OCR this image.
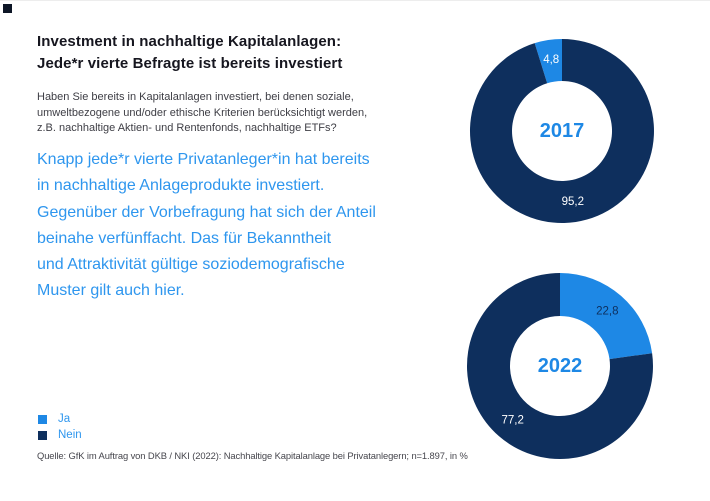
Investment in nachhaltige Kapitalanlagen:
Jede*r vierte Befragte ist bereits investiert
Haben Sie bereits in Kapitalanlagen investiert, bei denen soziale,
umweltbezogene und/oder ethische Kriterien berücksichtigt werden,
z.B. nachhaltige Aktien- und Rentenfonds, nachhaltige ETFs?
Knapp jede*r vierte Privatanleger*in hat bereits
in nachhaltige Anlageprodukte investiert.
Gegenüber der Vorbefragung hat sich der Anteil
beinahe verfünffacht. Das für Bekanntheit
und Attraktivität gültige soziodemografische
Muster gilt auch hier.
Ja
Nein
Quelle: GfK im Auftrag von DKB / NKI (2022): Nachhaltige Kapitalanlage bei Privatanlegern; n=1.897, in %
4,8
95,2
2017
22,8
77,2
2022
